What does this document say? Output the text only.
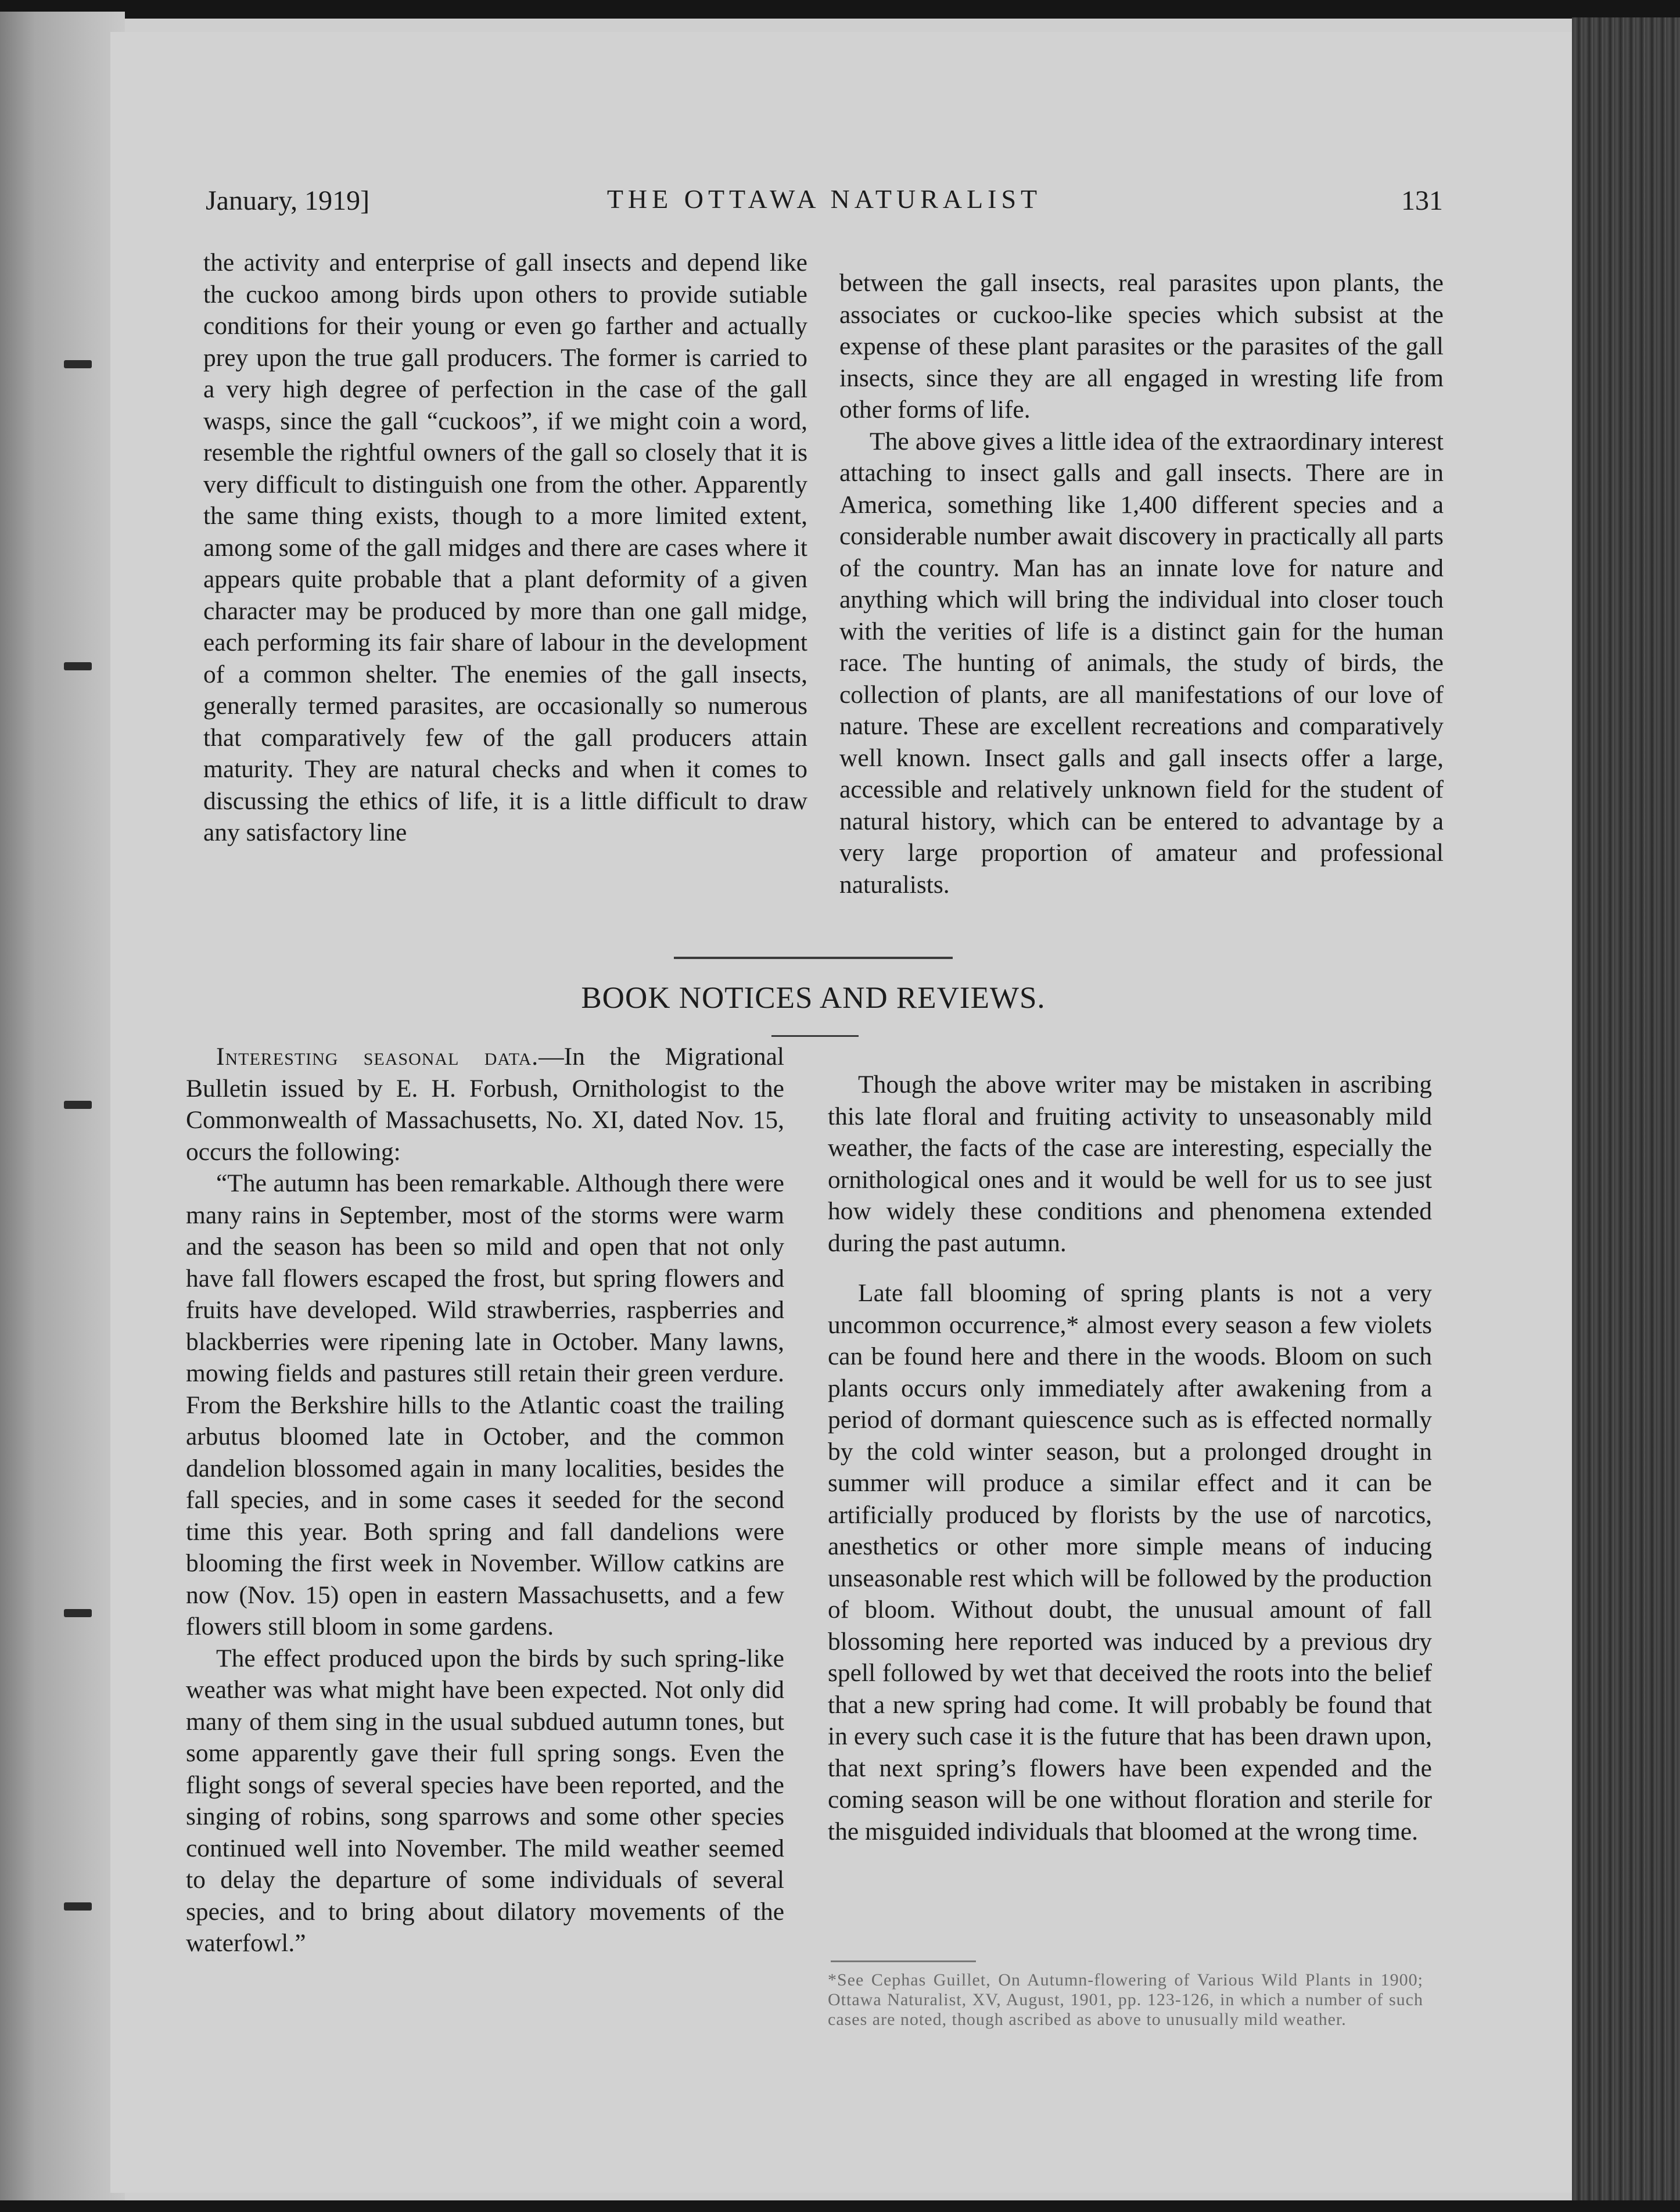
January, 1919]	THE OTTAWA NATURALIST	131

the activity and enterprise of gall insects and depend like the cuckoo among birds upon others to provide sutiable conditions for their young or even go farther and actually prey upon the true gall producers. The former is carried to a very high degree of perfection in the case of the gall wasps, since the gall “cuckoos”, if we might coin a word, resemble the rightful owners of the gall so closely that it is very difficult to distinguish one from the other. Apparently the same thing exists, though to a more limited extent, among some of the gall midges and there are cases where it appears quite probable that a plant deformity of a given character may be produced by more than one gall midge, each performing its fair share of labour in the development of a common shelter. The enemies of the gall insects, generally termed parasites, are occasionally so numerous that comparatively few of the gall producers attain maturity. They are natural checks and when it comes to discussing the ethics of life, it is a little difficult to draw any satisfactory line

between the gall insects, real parasites upon plants, the associates or cuckoo-like species which subsist at the expense of these plant parasites or the parasites of the gall insects, since they are all engaged in wresting life from other forms of life.

The above gives a little idea of the extraordinary interest attaching to insect galls and gall insects. There are in America, something like 1,400 different species and a considerable number await discovery in practically all parts of the country. Man has an innate love for nature and anything which will bring the individual into closer touch with the verities of life is a distinct gain for the human race. The hunting of animals, the study of birds, the collection of plants, are all manifestations of our love of nature. These are excellent recreations and comparatively well known. Insect galls and gall insects offer a large, accessible and relatively unknown field for the student of natural history, which can be entered to advantage by a very large proportion of amateur and professional naturalists.

BOOK NOTICES AND REVIEWS.

Interesting seasonal data.—In the Migrational Bulletin issued by E. H. Forbush, Ornithologist to the Commonwealth of Massachusetts, No. XI, dated Nov. 15, occurs the following:

“The autumn has been remarkable. Although there were many rains in September, most of the storms were warm and the season has been so mild and open that not only have fall flowers escaped the frost, but spring flowers and fruits have developed. Wild strawberries, raspberries and blackberries were ripening late in October. Many lawns, mowing fields and pastures still retain their green verdure. From the Berkshire hills to the Atlantic coast the trailing arbutus bloomed late in October, and the common dandelion blossomed again in many localities, besides the fall species, and in some cases it seeded for the second time this year. Both spring and fall dandelions were blooming the first week in November. Willow catkins are now (Nov. 15) open in eastern Massachusetts, and a few flowers still bloom in some gardens.

The effect produced upon the birds by such spring-like weather was what might have been expected. Not only did many of them sing in the usual subdued autumn tones, but some apparently gave their full spring songs. Even the flight songs of several species have been reported, and the singing of robins, song sparrows and some other species continued well into November. The mild weather seemed to delay the departure of some individuals of several species, and to bring about dilatory movements of the waterfowl.”

Though the above writer may be mistaken in ascribing this late floral and fruiting activity to unseasonably mild weather, the facts of the case are interesting, especially the ornithological ones and it would be well for us to see just how widely these conditions and phenomena extended during the past autumn.

Late fall blooming of spring plants is not a very uncommon occurrence,* almost every season a few violets can be found here and there in the woods. Bloom on such plants occurs only immediately after awakening from a period of dormant quiescence such as is effected normally by the cold winter season, but a prolonged drought in summer will produce a similar effect and it can be artificially produced by florists by the use of narcotics, anesthetics or other more simple means of inducing unseasonable rest which will be followed by the production of bloom. Without doubt, the unusual amount of fall blossoming here reported was induced by a previous dry spell followed by wet that deceived the roots into the belief that a new spring had come. It will probably be found that in every such case it is the future that has been drawn upon, that next spring’s flowers have been expended and the coming season will be one without floration and sterile for the misguided individuals that bloomed at the wrong time.

*See Cephas Guillet, On Autumn-flowering of Various Wild Plants in 1900; Ottawa Naturalist, XV, August, 1901, pp. 123-126, in which a number of such cases are noted, though ascribed as above to unusually mild weather.
